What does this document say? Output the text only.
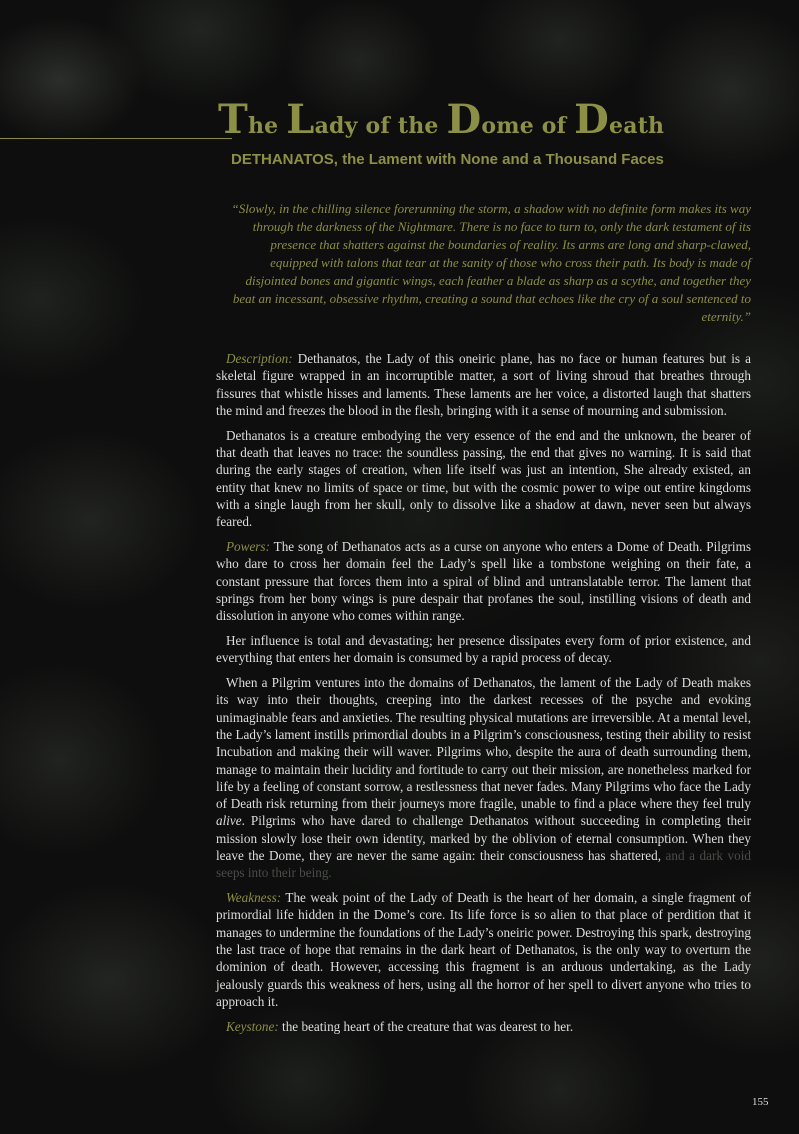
The Lady of the Dome of Death
DETHANATOS, the Lament with None and a Thousand Faces

“Slowly, in the chilling silence forerunning the storm, a shadow with no definite form makes its way through the darkness of the Nightmare. There is no face to turn to, only the dark testament of its presence that shatters against the boundaries of reality. Its arms are long and sharp-clawed, equipped with talons that tear at the sanity of those who cross their path. Its body is made of disjointed bones and gigantic wings, each feather a blade as sharp as a scythe, and together they beat an incessant, obsessive rhythm, creating a sound that echoes like the cry of a soul sentenced to eternity.”

Description: Dethanatos, the Lady of this oneiric plane, has no face or human features but is a skeletal figure wrapped in an incorruptible matter, a sort of living shroud that breathes through fissures that whistle hisses and laments. These laments are her voice, a distorted laugh that shatters the mind and freezes the blood in the flesh, bringing with it a sense of mourning and submission.

Dethanatos is a creature embodying the very essence of the end and the unknown, the bearer of that death that leaves no trace: the soundless passing, the end that gives no warning. It is said that during the early stages of creation, when life itself was just an intention, She already existed, an entity that knew no limits of space or time, but with the cosmic power to wipe out entire kingdoms with a single laugh from her skull, only to dissolve like a shadow at dawn, never seen but always feared.

Powers: The song of Dethanatos acts as a curse on anyone who enters a Dome of Death. Pilgrims who dare to cross her domain feel the Lady’s spell like a tombstone weighing on their fate, a constant pressure that forces them into a spiral of blind and untranslatable terror. The lament that springs from her bony wings is pure despair that profanes the soul, instilling visions of death and dissolution in anyone who comes within range.

Her influence is total and devastating; her presence dissipates every form of prior existence, and everything that enters her domain is consumed by a rapid process of decay.

When a Pilgrim ventures into the domains of Dethanatos, the lament of the Lady of Death makes its way into their thoughts, creeping into the darkest recesses of the psyche and evoking unimaginable fears and anxieties. The resulting physical mutations are irreversible. At a mental level, the Lady’s lament instills primordial doubts in a Pilgrim’s consciousness, testing their ability to resist Incubation and making their will waver. Pilgrims who, despite the aura of death surrounding them, manage to maintain their lucidity and fortitude to carry out their mission, are nonetheless marked for life by a feeling of constant sorrow, a restlessness that never fades. Many Pilgrims who face the Lady of Death risk returning from their journeys more fragile, unable to find a place where they feel truly alive. Pilgrims who have dared to challenge Dethanatos without succeeding in completing their mission slowly lose their own identity, marked by the oblivion of eternal consumption. When they leave the Dome, they are never the same again: their consciousness has shattered, and a dark void seeps into their being.

Weakness: The weak point of the Lady of Death is the heart of her domain, a single fragment of primordial life hidden in the Dome’s core. Its life force is so alien to that place of perdition that it manages to undermine the foundations of the Lady’s oneiric power. Destroying this spark, destroying the last trace of hope that remains in the dark heart of Dethanatos, is the only way to overturn the dominion of death. However, accessing this fragment is an arduous undertaking, as the Lady jealously guards this weakness of hers, using all the horror of her spell to divert anyone who tries to approach it.

Keystone: the beating heart of the creature that was dearest to her.

155
